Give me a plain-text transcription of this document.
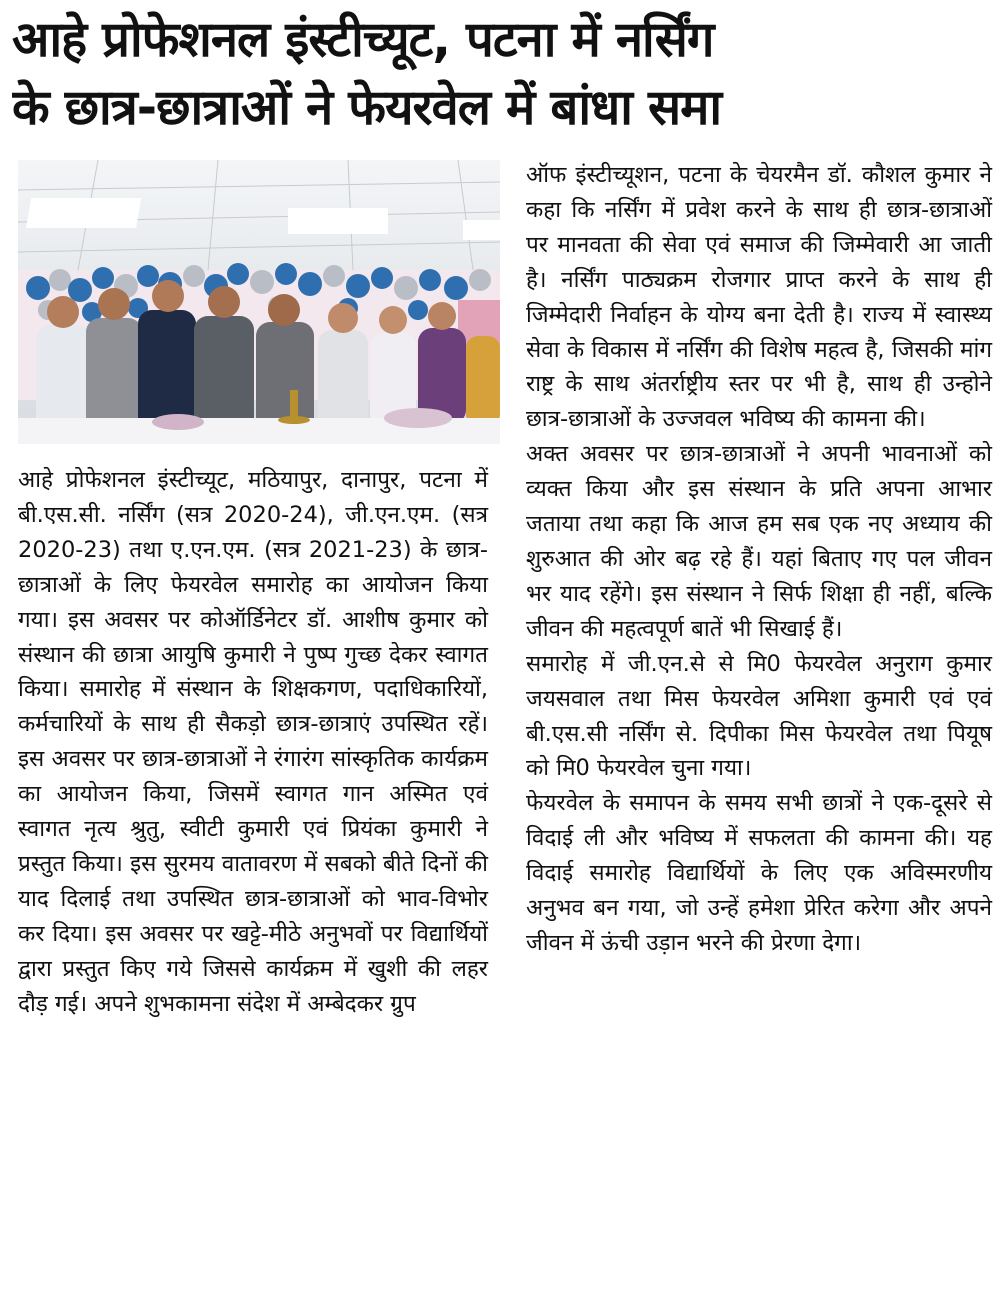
आहे प्रोफेशनल इंस्टीच्यूट, पटना में नर्सिंग
के छात्र-छात्राओं ने फेयरवेल में बांधा समा

आहे प्रोफेशनल इंस्टीच्यूट, मठियापुर, दानापुर, पटना में बी.एस.सी. नर्सिंग (सत्र 2020-24), जी.एन.एम. (सत्र 2020-23) तथा ए.एन.एम. (सत्र 2021-23) के छात्र-छात्राओं के लिए फेयरवेल समारोह का आयोजन किया गया। इस अवसर पर कोऑर्डिनेटर डॉ. आशीष कुमार को संस्थान की छात्रा आयुषि कुमारी ने पुष्प गुच्छ देकर स्वागत किया। समारोह में संस्थान के शिक्षकगण, पदाधिकारियों, कर्मचारियों के साथ ही सैकड़ो छात्र-छात्राएं उपस्थित रहें। इस अवसर पर छात्र-छात्राओं ने रंगारंग सांस्कृतिक कार्यक्रम का आयोजन किया, जिसमें स्वागत गान अस्मित एवं स्वागत नृत्य श्रुतु, स्वीटी कुमारी एवं प्रियंका कुमारी ने प्रस्तुत किया। इस सुरमय वातावरण में सबको बीते दिनों की याद दिलाई तथा उपस्थित छात्र-छात्राओं को भाव-विभोर कर दिया। इस अवसर पर खट्टे-मीठे अनुभवों पर विद्यार्थियों द्वारा प्रस्तुत किए गये जिससे कार्यक्रम में खुशी की लहर दौड़ गई। अपने शुभकामना संदेश में अम्बेदकर ग्रुप

ऑफ इंस्टीच्यूशन, पटना के चेयरमैन डॉ. कौशल कुमार ने कहा कि नर्सिंग में प्रवेश करने के साथ ही छात्र-छात्राओं पर मानवता की सेवा एवं समाज की जिम्मेवारी आ जाती है। नर्सिंग पाठ्यक्रम रोजगार प्राप्त करने के साथ ही जिम्मेदारी निर्वाहन के योग्य बना देती है। राज्य में स्वास्थ्य सेवा के विकास में नर्सिंग की विशेष महत्व है, जिसकी मांग राष्ट्र के साथ अंतर्राष्ट्रीय स्तर पर भी है, साथ ही उन्होने छात्र-छात्राओं के उज्जवल भविष्य की कामना की।

अक्त अवसर पर छात्र-छात्राओं ने अपनी भावनाओं को व्यक्त किया और इस संस्थान के प्रति अपना आभार जताया तथा कहा कि आज हम सब एक नए अध्याय की शुरुआत की ओर बढ़ रहे हैं। यहां बिताए गए पल जीवन भर याद रहेंगे। इस संस्थान ने सिर्फ शिक्षा ही नहीं, बल्कि जीवन की महत्वपूर्ण बातें भी सिखाई हैं।

समारोह में जी.एन.से से मि0 फेयरवेल अनुराग कुमार जयसवाल तथा मिस फेयरवेल अमिशा कुमारी एवं एवं बी.एस.सी नर्सिंग से. दिपीका मिस फेयरवेल तथा पियूष को मि0 फेयरवेल चुना गया।

फेयरवेल के समापन के समय सभी छात्रों ने एक-दूसरे से विदाई ली और भविष्य में सफलता की कामना की। यह विदाई समारोह विद्यार्थियों के लिए एक अविस्मरणीय अनुभव बन गया, जो उन्हें हमेशा प्रेरित करेगा और अपने जीवन में ऊंची उड़ान भरने की प्रेरणा देगा।
